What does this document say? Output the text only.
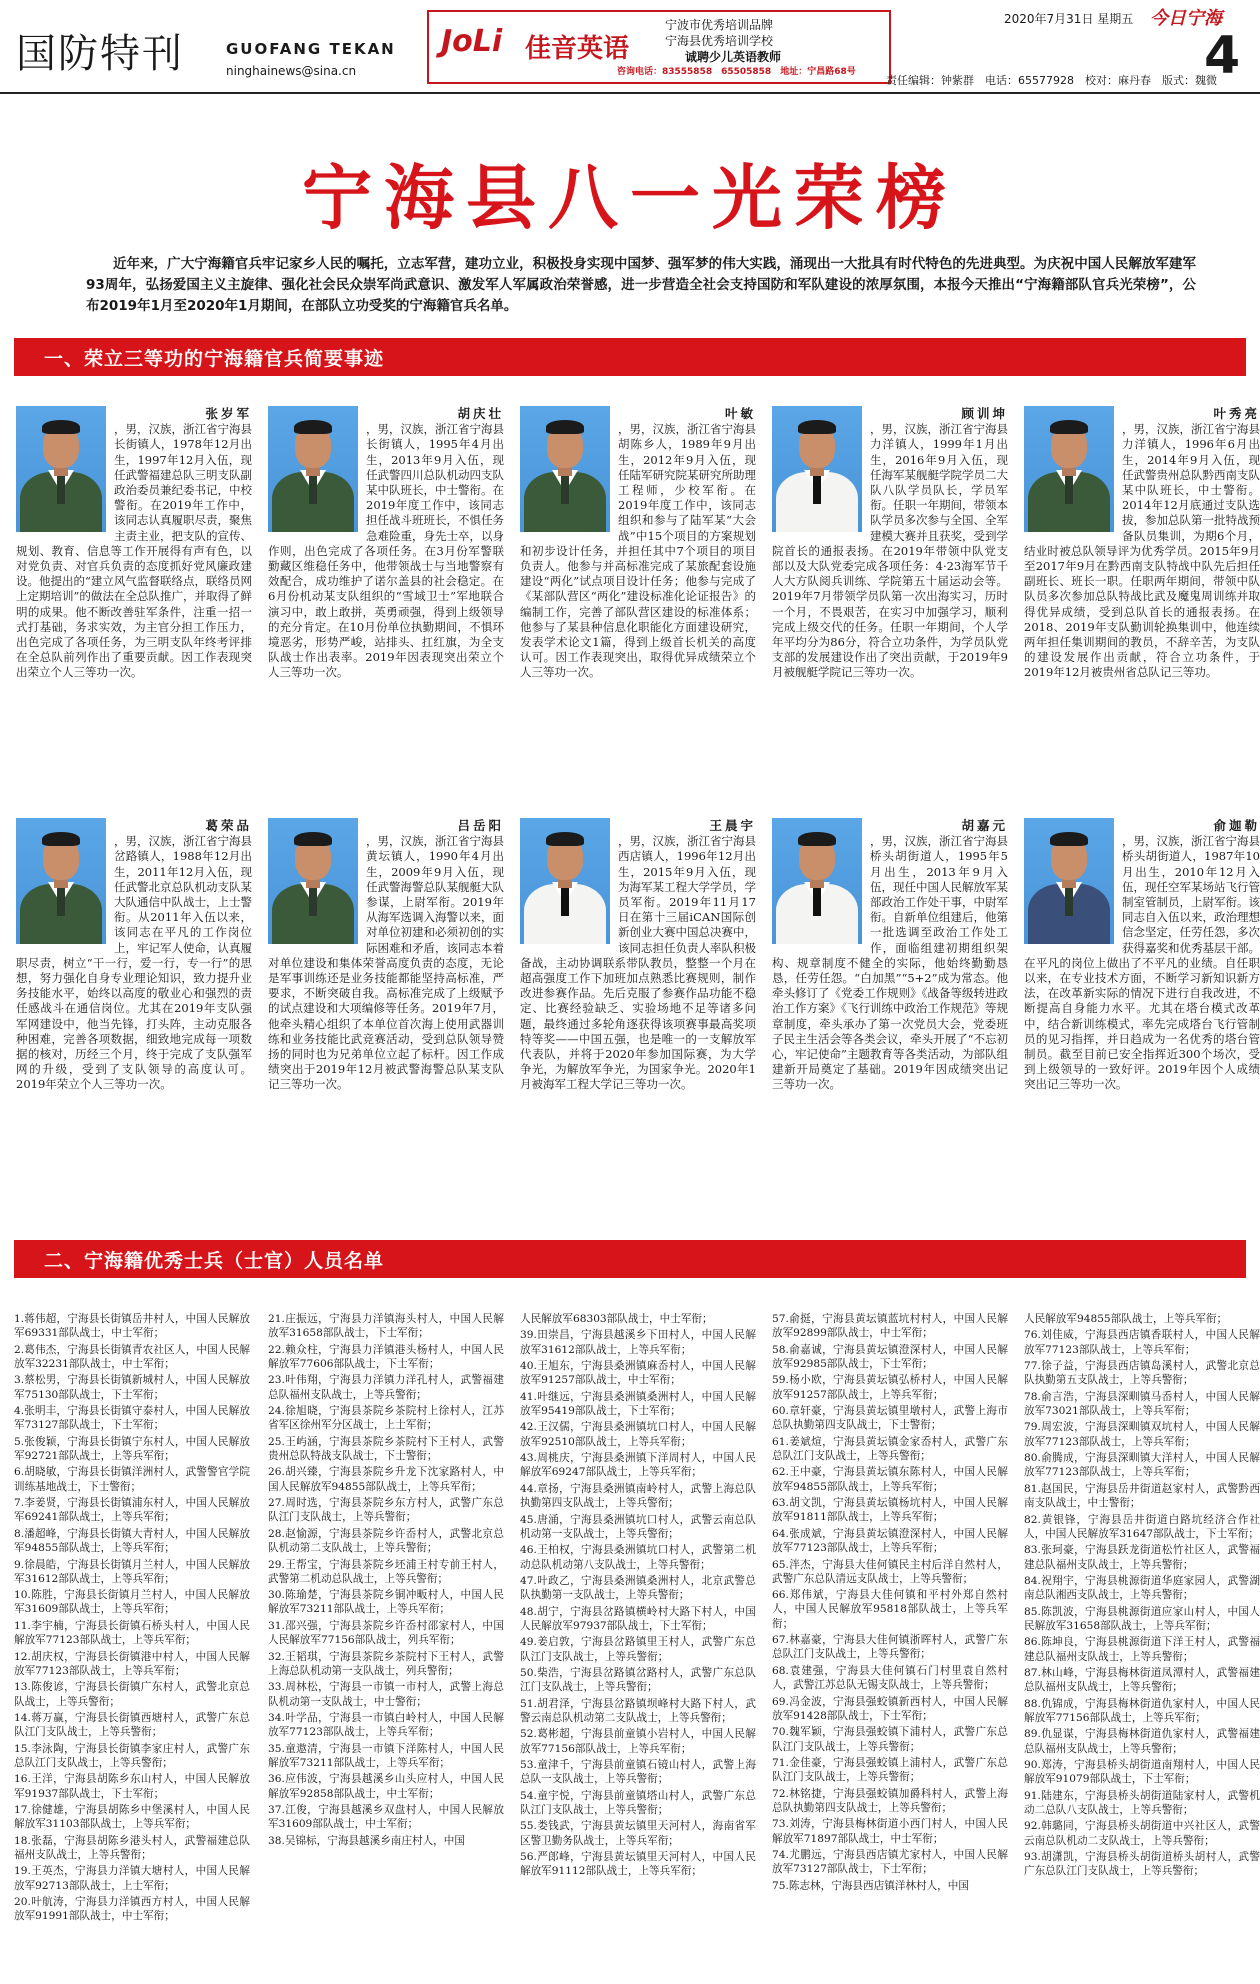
国防特刊	GUOFANG TEKAN
ninghainews@sina.cn
JoLi 佳音英语
宁波市优秀培训品牌
宁海县优秀培训学校
诚聘少儿英语教师
咨询电话：83555858　65505858　地址：宁昌路68号
2020年7月31日 星期五 今日宁海
4
责任编辑：钟紫群　电话：65577928　校对：麻丹春　版式：魏微
宁海县八一光荣榜
近年来，广大宁海籍官兵牢记家乡人民的嘱托，立志军营，建功立业，积极投身实现中国梦、强军梦的伟大实践，涌现出一大批具有时代特色的先进典型。为庆祝中国人民解放军建军93周年，弘扬爱国主义主旋律、强化社会民众崇军尚武意识、激发军人军属政治荣誉感，进一步营造全社会支持国防和军队建设的浓厚氛围，本报今天推出“宁海籍部队官兵光荣榜”，公布2019年1月至2020年1月期间，在部队立功受奖的宁海籍官兵名单。
一、荣立三等功的宁海籍官兵简要事迹
张岁军
，男，汉族，浙江省宁海县长街镇人，1978年12月出生，1997年12月入伍，现任武警福建总队三明支队副政治委员兼纪委书记，中校警衔。在2019年工作中，该同志认真履职尽责，聚焦主责主业，把支队的宣传、规划、教育、信息等工作开展得有声有色，以对党负责、对官兵负责的态度抓好党风廉政建设。他提出的“建立风气监督联络点，联络员网上定期培训”的做法在全总队推广，并取得了鲜明的成果。他不断改善驻军条件，注重一招一式打基础，务求实效，为主官分担工作压力，出色完成了各项任务，为三明支队年终考评排在全总队前列作出了重要贡献。因工作表现突出荣立个人三等功一次。
胡庆壮
，男，汉族，浙江省宁海县长街镇人，1995年4月出生，2013年9月入伍，现任武警四川总队机动四支队某中队班长，中士警衔。在2019年度工作中，该同志担任战斗班班长，不惧任务急难险重，身先士卒，以身作则，出色完成了各项任务。在3月份军警联勤藏区维稳任务中，他带领战士与当地警察有效配合，成功维护了诺尔盖县的社会稳定。在6月份机动某支队组织的“雪域卫士”军地联合演习中，敢上敢拼，英勇顽强，得到上级领导的充分肯定。在10月份单位执勤期间，不惧环境恶劣，形势严峻，站排头、扛红旗，为全支队战士作出表率。2019年因表现突出荣立个人三等功一次。
叶敏
，男，汉族，浙江省宁海县胡陈乡人，1989年9月出生，2012年9月入伍，现任陆军研究院某研究所助理工程师，少校军衔。在2019年度工作中，该同志组织和参与了陆军某“大会战”中15个项目的方案规划和初步设计任务，并担任其中7个项目的项目负责人。他参与并高标准完成了某旅配套设施建设“两化”试点项目设计任务；他参与完成了《某部队营区“两化”建设标准化论证报告》的编制工作，完善了部队营区建设的标准体系；他参与了某县种信息化职能化方面建设研究，发表学术论文1篇，得到上级首长机关的高度认可。因工作表现突出，取得优异成绩荣立个人三等功一次。
顾训坤
，男，汉族，浙江省宁海县力洋镇人，1999年1月出生，2016年9月入伍，现任海军某舰艇学院学员二大队八队学员队长，学员军衔。任职一年期间，带领本队学员多次参与全国、全军建模大赛并且获奖，受到学院首长的通报表扬。在2019年带领中队党支部以及大队党委完成各项任务：4·23海军节千人大方队阅兵训练、学院第五十届运动会等。2019年7月带领学员队第一次出海实习，历时一个月，不畏艰苦，在实习中加强学习，顺利完成上级交代的任务。任职一年期间，个人学年平均分为86分，符合立功条件，为学员队党支部的发展建设作出了突出贡献，于2019年9月被舰艇学院记三等功一次。
叶秀亮
，男，汉族，浙江省宁海县力洋镇人，1996年6月出生，2014年9月入伍，现任武警贵州总队黔西南支队某中队班长，中士警衔。2014年12月底通过支队选拔，参加总队第一批特战预备队员集训，为期6个月，结业时被总队领导评为优秀学员。2015年9月至2017年9月在黔西南支队特战中队先后担任副班长、班长一职。任职两年期间，带领中队队员多次参加总队特战比武及魔鬼周训练并取得优异成绩，受到总队首长的通报表扬。在2018、2019年支队勤训轮换集训中，他连续两年担任集训期间的教员，不辞辛苦，为支队的建设发展作出贡献，符合立功条件，于2019年12月被贵州省总队记三等功。
葛荣品
，男，汉族，浙江省宁海县岔路镇人，1988年12月出生，2011年12月入伍，现任武警北京总队机动支队某大队通信中队战士，上士警衔。从2011年入伍以来，该同志在平凡的工作岗位上，牢记军人使命，认真履职尽责，树立“干一行，爱一行，专一行”的思想，努力强化自身专业理论知识，致力提升业务技能水平，始终以高度的敬业心和强烈的责任感战斗在通信岗位。尤其在2019年支队强军网建设中，他当先锋，打头阵，主动克服各种困难，完善各项数据，细致地完成每一项数据的核对，历经三个月，终于完成了支队强军网的升级，受到了支队领导的高度认可。2019年荣立个人三等功一次。
吕岳阳
，男，汉族，浙江省宁海县黄坛镇人，1990年4月出生，2009年9月入伍，现任武警海警总队某舰艇大队参谋，上尉军衔。2019年从海军选调入海警以来，面对单位初建和必须初创的实际困难和矛盾，该同志本着对单位建设和集体荣誉高度负责的态度，无论是军事训练还是业务技能都能坚持高标准，严要求，不断突破自我。高标准完成了上级赋予的试点建设和大项编修等任务。2019年7月，他牵头精心组织了本单位首次海上使用武器训练和业务技能比武竞赛活动，受到总队领导赞扬的同时也为兄弟单位立起了标杆。因工作成绩突出于2019年12月被武警海警总队某支队记三等功一次。
王晨宇
，男，汉族，浙江省宁海县西店镇人，1996年12月出生，2015年9月入伍，现为海军某工程大学学员，学员军衔。2019年11月17日在第十三届iCAN国际创新创业大赛中国总决赛中，该同志担任负责人率队积极备战，主动协调联系带队教员，整整一个月在超高强度工作下加班加点熟悉比赛规则，制作改进参赛作品。先后克服了参赛作品功能不稳定、比赛经验缺乏、实验场地不足等诸多问题，最终通过多轮角逐获得该项赛事最高奖项特等奖——中国五强，也是唯一的一支解放军代表队，并将于2020年参加国际赛，为大学争光，为解放军争光，为国家争光。2020年1月被海军工程大学记三等功一次。
胡嘉元
，男，汉族，浙江省宁海县桥头胡街道人，1995年5月出生，2013年9月入伍，现任中国人民解放军某部政治工作处干事，中尉军衔。自新单位组建后，他第一批选调至政治工作处工作，面临组建初期组织架构、规章制度不健全的实际，他始终勤勤恳恳，任劳任怨。“白加黑”“5+2”成为常态。他牵头修订了《党委工作规则》《战备等级转进政治工作方案》《飞行训练中政治工作规范》等规章制度，牵头承办了第一次党员大会，党委班子民主生活会等各类会议，牵头开展了“不忘初心，牢记使命”主题教育等各类活动，为部队组建新开局奠定了基础。2019年因成绩突出记三等功一次。
俞迦勒
，男，汉族，浙江省宁海县桥头胡街道人，1987年10月出生，2010年12月入伍，现任空军某场站飞行管制室管制员，上尉军衔。该同志自入伍以来，政治理想信念坚定，任劳任怨，多次获得嘉奖和优秀基层干部。在平凡的岗位上做出了不平凡的业绩。自任职以来，在专业技术方面，不断学习新知识新方法，在改革新实际的情况下进行自我改进，不断提高自身能力水平。尤其在塔台模式改革中，结合新训练模式，率先完成塔台飞行管制员的见习指挥，并日趋成为一名优秀的塔台管制员。截至目前已安全指挥近300个场次，受到上级领导的一致好评。2019年因个人成绩突出记三等功一次。
二、宁海籍优秀士兵（士官）人员名单
1.蒋伟超，宁海县长街镇岳井村人，中国人民解放军69331部队战士，中士军衔；
2.葛伟杰，宁海县长街镇青农社区人，中国人民解放军32231部队战士，中士军衔；
3.蔡松男，宁海县长街镇新城村人，中国人民解放军75130部队战士，下士军衔；
4.张明丰，宁海县长街镇守泰村人，中国人民解放军73127部队战士，下士军衔；
5.张俊颖，宁海县长街镇宁东村人，中国人民解放军92721部队战士，上等兵军衔；
6.胡晓敏，宁海县长街镇洋洲村人，武警警官学院训练基地战士，下士警衔；
7.李姜贤，宁海县长街镇浦东村人，中国人民解放军69241部队战士，上等兵军衔；
8.潘超峰，宁海县长街镇大青村人，中国人民解放军94855部队战士，上等兵军衔；
9.徐晨皓，宁海县长街镇月兰村人，中国人民解放军31612部队战士，上等兵军衔；
10.陈胜，宁海县长街镇月兰村人，中国人民解放军31609部队战士，上等兵军衔；
11.李宇楠，宁海县长街镇石桥头村人，中国人民解放军77123部队战士，上等兵军衔；
12.胡庆权，宁海县长街镇港中村人，中国人民解放军77123部队战士，上等兵军衔；
13.陈俊谚，宁海县长街镇广东村人，武警北京总队战士，上等兵警衔；
14.蒋万赢，宁海县长街镇西塘村人，武警广东总队江门支队战士，上等兵警衔；
15.李泳陶，宁海县长街镇李家庄村人，武警广东总队江门支队战士，上等兵警衔；
16.王洋，宁海县胡陈乡东山村人，中国人民解放军91937部队战士，下士军衔；
17.徐健雄，宁海县胡陈乡中堡溪村人，中国人民解放军31103部队战士，上等兵军衔；
18.张磊，宁海县胡陈乡港头村人，武警福建总队福州支队战士，上等兵警衔；
19.王英杰，宁海县力洋镇大塘村人，中国人民解放军92713部队战士，上士军衔；
20.叶航涛，宁海县力洋镇西方村人，中国人民解放军91991部队战士，中士军衔；
21.庄振远，宁海县力洋镇海头村人，中国人民解放军31658部队战士，下士军衔；
22.赖众柱，宁海县力洋镇港头杨村人，中国人民解放军77606部队战士，下士军衔；
23.叶伟翔，宁海县力洋镇力洋孔村人，武警福建总队福州支队战士，上等兵警衔；
24.徐旭晓，宁海县茶院乡茶院村上徐村人，江苏省军区徐州军分区战士，上士军衔；
25.王屿涵，宁海县茶院乡茶院村下王村人，武警贵州总队特战支队战士，下士警衔；
26.胡兴臻，宁海县茶院乡升龙下沈家路村人，中国人民解放军94855部队战士，上等兵军衔；
27.周时选，宁海县茶院乡东方村人，武警广东总队江门支队战士，上等兵警衔；
28.赵愉源，宁海县茶院乡许岙村人，武警北京总队机动第二支队战士，上等兵警衔；
29.王帮宝，宁海县茶院乡坯浦王村专前王村人，武警第二机动总队战士，上等兵警衔；
30.陈瑜楚，宁海县茶院乡铜冲畈村人，中国人民解放军73211部队战士，上等兵军衔；
31.邵兴强，宁海县茶院乡许岙村邵家村人，中国人民解放军77156部队战士，列兵军衔；
32.王韬琪，宁海县茶院乡茶院村下王村人，武警上海总队机动第一支队战士，列兵警衔；
33.周林松，宁海县一市镇一市村人，武警上海总队机动第一支队战士，中士警衔；
34.叶学品，宁海县一市镇白岭村人，中国人民解放军77123部队战士，上等兵军衔；
35.童遨清，宁海县一市镇下洋陈村人，中国人民解放军73211部队战士，上等兵军衔；
36.应伟波，宁海县越溪乡山头应村人，中国人民解放军92858部队战士，中士军衔；
37.江俊，宁海县越溪乡双盘村人，中国人民解放军31609部队战士，中士军衔；
38.吴锦标，宁海县越溪乡南庄村人，中国
人民解放军68303部队战士，中士军衔；
39.田崇昌，宁海县越溪乡下田村人，中国人民解放军31612部队战士，上等兵军衔；
40.王旭东，宁海县桑洲镇麻岙村人，中国人民解放军91257部队战士，中士军衔；
41.叶继远，宁海县桑洲镇桑洲村人，中国人民解放军95419部队战士，下士军衔；
42.王汉儒，宁海县桑洲镇坑口村人，中国人民解放军92510部队战士，上等兵军衔；
43.周桃庆，宁海县桑洲镇下洋周村人，中国人民解放军69247部队战士，上等兵军衔；
44.章扬，宁海县桑洲镇南岭村人，武警上海总队执勤第四支队战士，上等兵警衔；
45.唐涌，宁海县桑洲镇坑口村人，武警云南总队机动第一支队战士，上等兵警衔；
46.王柏权，宁海县桑洲镇坑口村人，武警第二机动总队机动第八支队战士，上等兵警衔；
47.叶政乙，宁海县桑洲镇桑洲村人，北京武警总队执勤第一支队战士，上等兵警衔；
48.胡宁，宁海县岔路镇横岭村大路下村人，中国人民解放军97937部队战士，下士军衔；
49.姜启敦，宁海县岔路镇里王村人，武警广东总队江门支队战士，上等兵警衔；
50.柴浩，宁海县岔路镇岔路村人，武警广东总队江门支队战士，上等兵警衔；
51.胡君泽，宁海县岔路镇坝峰村大路下村人，武警云南总队机动第二支队战士，上等兵警衔；
52.葛彬超，宁海县前童镇小岩村人，中国人民解放军77156部队战士，上等兵军衔；
53.童津千，宁海县前童镇石镜山村人，武警上海总队一支队战士，上等兵警衔；
54.童宇悦，宁海县前童镇塔山村人，武警广东总队江门支队战士，上等兵警衔；
55.娄钱武，宁海县黄坛镇里天河村人，海南省军区警卫勤务队战士，上等兵军衔；
56.严郎峰，宁海县黄坛镇里天河村人，中国人民解放军91112部队战士，上等兵军衔；
57.俞挺，宁海县黄坛镇蓝坑村村人，中国人民解放军92899部队战士，中士军衔；
58.俞嘉诚，宁海县黄坛镇澄深村人，中国人民解放军92985部队战士，下士军衔；
59.杨小欧，宁海县黄坛镇弘桥村人，中国人民解放军91257部队战士，上等兵军衔；
60.章轩豪，宁海县黄坛镇里墩村人，武警上海市总队执勤第四支队战士，下士警衔；
61.姜斌煊，宁海县黄坛镇金家岙村人，武警广东总队江门支队战士，上等兵警衔；
62.王中豪，宁海县黄坛镇东陈村人，中国人民解放军94855部队战士，上等兵军衔；
63.胡文凯，宁海县黄坛镇杨坑村人，中国人民解放军91811部队战士，上等兵军衔；
64.张成斌，宁海县黄坛镇澄深村人，中国人民解放军77123部队战士，上等兵军衔；
65.泮杰，宁海县大佳何镇民主村后洋自然村人，武警广东总队清远支队战士，上等兵警衔；
66.郑伟斌，宁海县大佳何镇和平村外郑自然村人，中国人民解放军95818部队战士，上等兵军衔；
67.林嘉豪，宁海县大佳何镇浙晖村人，武警广东总队江门支队战士，上等兵警衔；
68.袁建强，宁海县大佳何镇石门村里袁自然村人，武警江苏总队无锡支队战士，上等兵警衔；
69.冯金波，宁海县强蛟镇新西村人，中国人民解放军91428部队战士，下士军衔；
70.魏军颖，宁海县强蛟镇下浦村人，武警广东总队江门支队战士，上等兵警衔；
71.金佳豪，宁海县强蛟镇上浦村人，武警广东总队江门支队战士，上等兵警衔；
72.林铭捷，宁海县强蛟镇加爵科村人，武警上海总队执勤第四支队战士，上等兵警衔；
73.刘涛，宁海县梅林街道小西门村人，中国人民解放军71897部队战士，中士军衔；
74.尤鹏远，宁海县西店镇尤家村人，中国人民解放军73127部队战士，下士军衔；
75.陈志林，宁海县西店镇洋林村人，中国
人民解放军94855部队战士，上等兵军衔；
76.刘佳威，宁海县西店镇香联村人，中国人民解放军77123部队战士，上等兵军衔；
77.徐子益，宁海县西店镇岛溪村人，武警北京总队执勤第五支队战士，上等兵警衔；
78.俞言浩，宁海县深甽镇马岙村人，中国人民解放军73021部队战士，上等兵军衔；
79.周宏波，宁海县深甽镇双坑村人，中国人民解放军77123部队战士，上等兵军衔；
80.俞腾成，宁海县深甽镇大洋村人，中国人民解放军77123部队战士，上等兵军衔；
81.赵国民，宁海县岳井街道赵家村人，武警黔西南支队战士，中士警衔；
82.黄银锋，宁海县岳井街道白路坑经济合作社人，中国人民解放军31647部队战士，下士军衔；
83.张珂豪，宁海县跃龙街道松竹社区人，武警福建总队福州支队战士，上等兵警衔；
84.祝翔宇，宁海县桃源街道华庭家园人，武警湖南总队湘西支队战士，上等兵警衔；
85.陈凯波，宁海县桃源街道应家山村人，中国人民解放军31658部队战士，上等兵军衔；
86.陈坤良，宁海县桃源街道下洋王村人，武警福建总队福州支队战士，上等兵警衔；
87.林山峰，宁海县梅林街道凤潭村人，武警福建总队福州支队战士，上等兵警衔；
88.仇锦成，宁海县梅林街道仇家村人，中国人民解放军77156部队战士，上等兵军衔；
89.仇显谋，宁海县梅林街道仇家村人，武警福建总队福州支队战士，上等兵警衔；
90.郑涛，宁海县桥头胡街道南翔村人，中国人民解放军91079部队战士，下士军衔；
91.陆建东，宁海县桥头胡街道陆家村人，武警机动二总队八支队战士，上等兵警衔；
92.韩璐同，宁海县桥头胡街道中兴社区人，武警云南总队机动二支队战士，上等兵警衔；
93.胡潇凯，宁海县桥头胡街道桥头胡村人，武警广东总队江门支队战士，上等兵警衔；
